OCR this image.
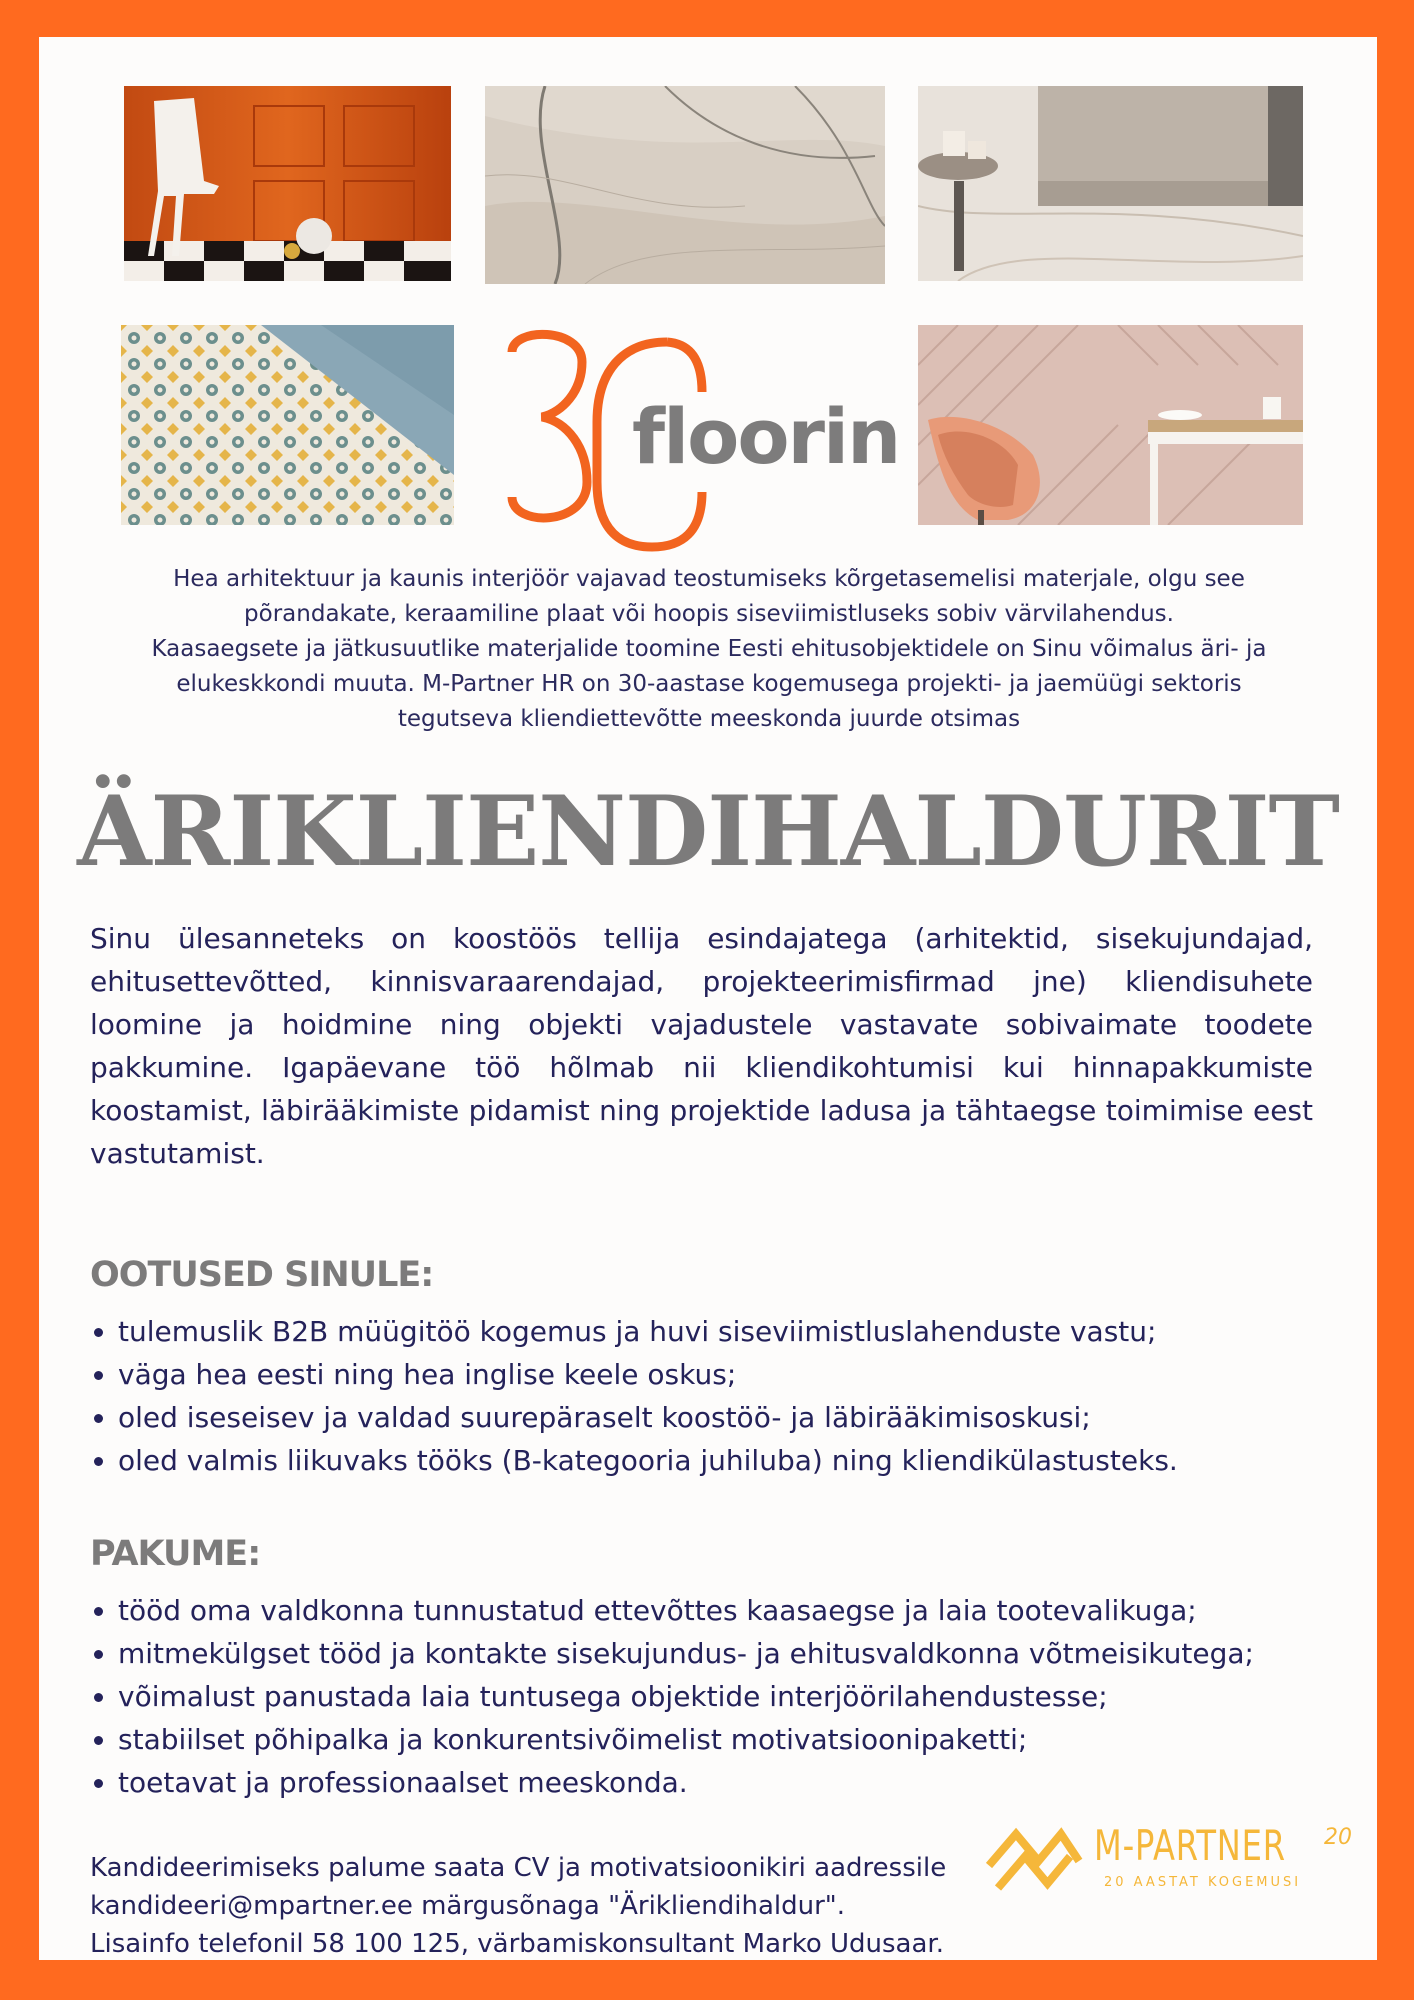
floorin

Hea arhitektuur ja kaunis interjöör vajavad teostumiseks kõrgetasemelisi materjale, olgu see

põrandakate, keraamiline plaat või hoopis siseviimistluseks sobiv värvilahendus.

Kaasaegsete ja jätkusuutlike materjalide toomine Eesti ehitusobjektidele on Sinu võimalus äri- ja

elukeskkondi muuta. M-Partner HR on 30-aastase kogemusega projekti- ja jaemüügi sektoris

tegutseva kliendiettevõtte meeskonda juurde otsimas

ÄRIKLIENDIHALDURIT
Sinu ülesanneteks on koostöös tellija esindajatega (arhitektid, sisekujundajad, ehitusettevõtted, kinnisvaraarendajad, projekteerimisfirmad jne) kliendisuhete loomine ja hoidmine ning objekti vajadustele vastavate sobivaimate toodete pakkumine. Igapäevane töö hõlmab nii kliendikohtumisi kui hinnapakkumiste koostamist, läbirääkimiste pidamist ning projektide ladusa ja tähtaegse toimimise eest vastutamist.
OOTUSED SINULE:
• tulemuslik B2B müügitöö kogemus ja huvi siseviimistluslahenduste vastu;
• väga hea eesti ning hea inglise keele oskus;
• oled iseseisev ja valdad suurepäraselt koostöö- ja läbirääkimisoskusi;
• oled valmis liikuvaks tööks (B-kategooria juhiluba) ning kliendikülastusteks.
PAKUME:
• tööd oma valdkonna tunnustatud ettevõttes kaasaegse ja laia tootevalikuga;
• mitmekülgset tööd ja kontakte sisekujundus- ja ehitusvaldkonna võtmeisikutega;
• võimalust panustada laia tuntusega objektide interjöörilahendustesse;
• stabiilset põhipalka ja konkurentsivõimelist motivatsioonipaketti;
• toetavat ja professionaalset meeskonda.

Kandideerimiseks palume saata CV ja motivatsioonikiri aadressile

kandideeri@mpartner.ee märgusõnaga "Ärikliendihaldur".

Lisainfo telefonil 58 100 125, värbamiskonsultant Marko Udusaar.

M-PARTNER 20
20 AASTAT KOGEMUSI
